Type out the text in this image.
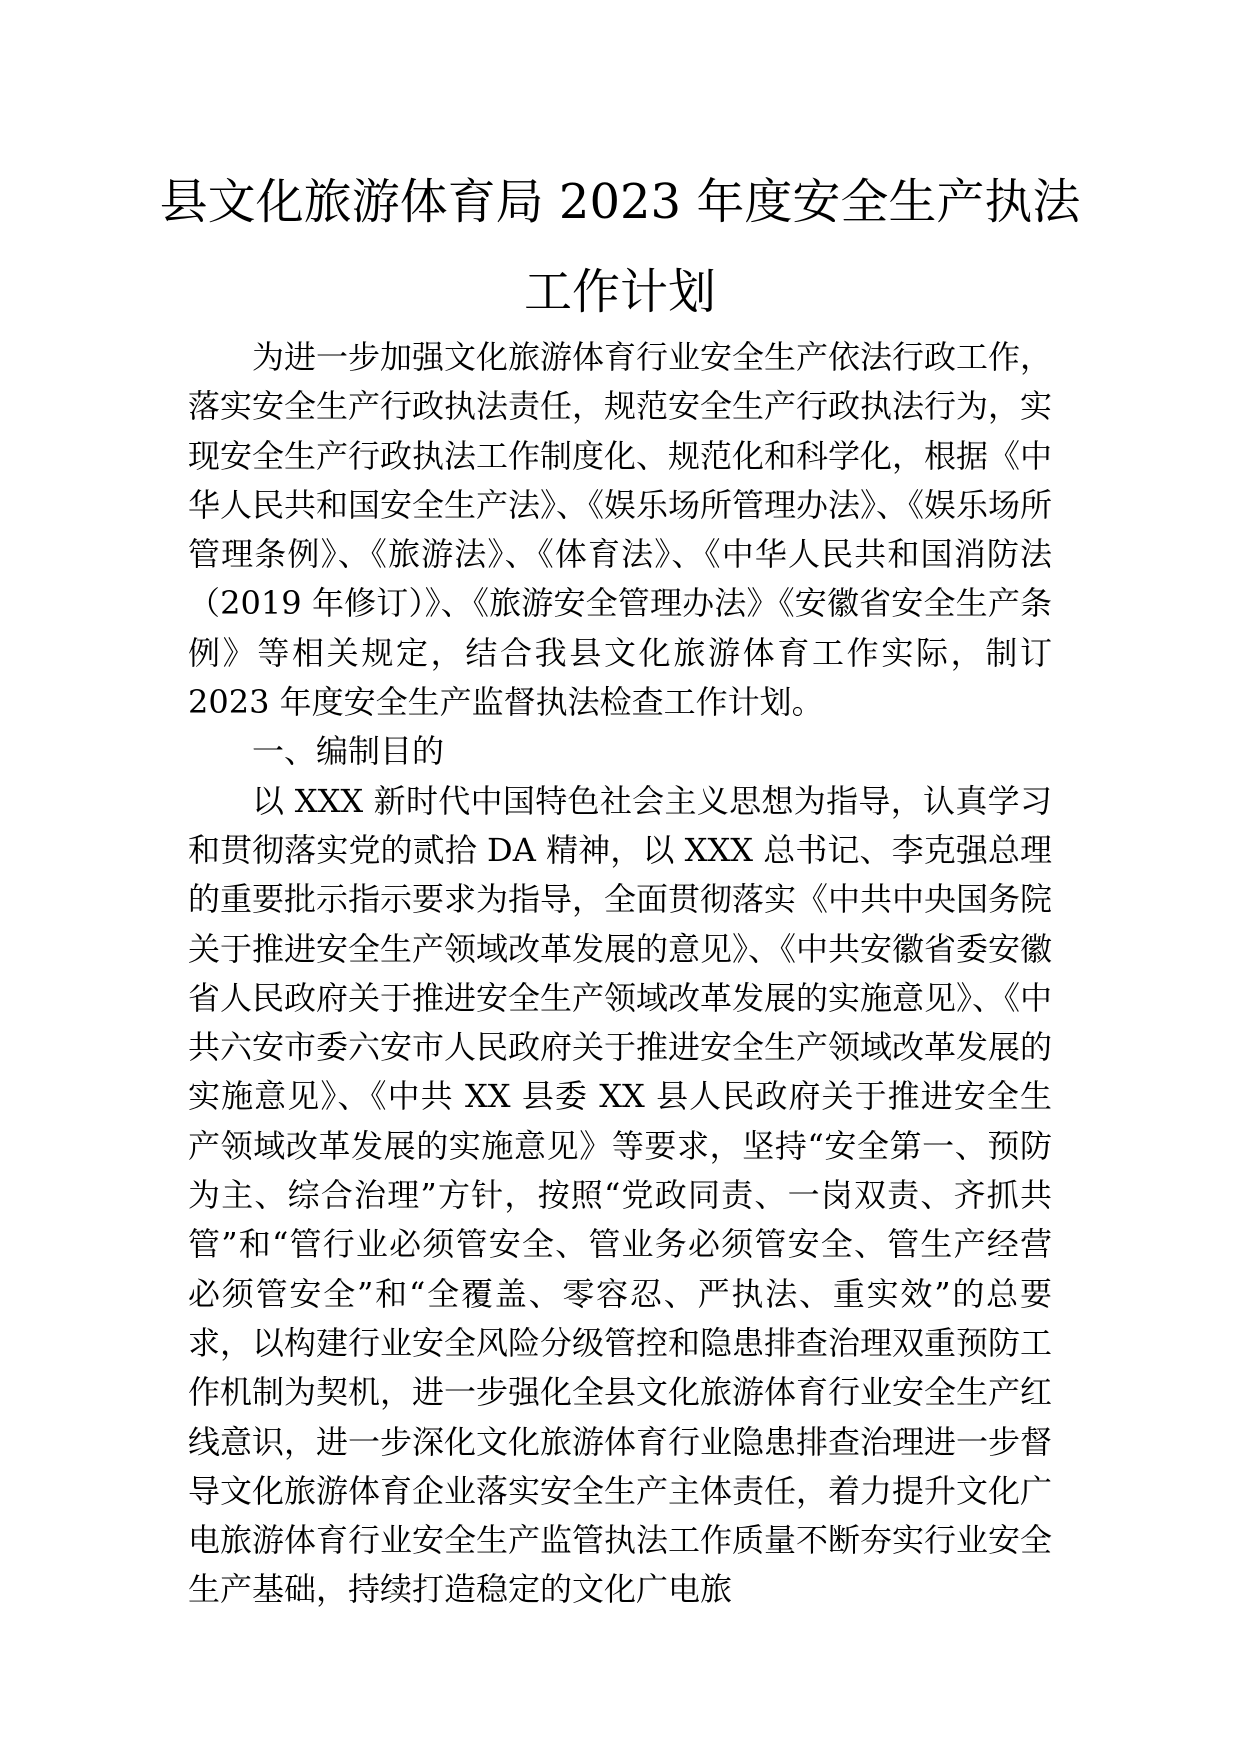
县文化旅游体育局 2023 年度安全生产执法
工作计划

为进一步加强文化旅游体育行业安全生产依法行政工作，落实安全生产行政执法责任，规范安全生产行政执法行为，实现安全生产行政执法工作制度化、规范化和科学化，根据《中华人民共和国安全生产法》、《娱乐场所管理办法》、《娱乐场所管理条例》、《旅游法》、《体育法》、《中华人民共和国消防法（2019 年修订）》、《旅游安全管理办法》《安徽省安全生产条例》等相关规定，结合我县文化旅游体育工作实际，制订 2023 年度安全生产监督执法检查工作计划。

一、编制目的

以 XXX 新时代中国特色社会主义思想为指导，认真学习和贯彻落实党的贰拾 DA 精神，以 XXX 总书记、李克强总理的重要批示指示要求为指导，全面贯彻落实《中共中央国务院关于推进安全生产领域改革发展的意见》、《中共安徽省委安徽省人民政府关于推进安全生产领域改革发展的实施意见》、《中共六安市委六安市人民政府关于推进安全生产领域改革发展的实施意见》、《中共 XX 县委 XX 县人民政府关于推进安全生产领域改革发展的实施意见》等要求，坚持“安全第一、预防为主、综合治理”方针，按照“党政同责、一岗双责、齐抓共管”和“管行业必须管安全、管业务必须管安全、管生产经营必须管安全”和“全覆盖、零容忍、严执法、重实效”的总要求，以构建行业安全风险分级管控和隐患排查治理双重预防工作机制为契机，进一步强化全县文化旅游体育行业安全生产红线意识，进一步深化文化旅游体育行业隐患排查治理进一步督导文化旅游体育企业落实安全生产主体责任，着力提升文化广电旅游体育行业安全生产监管执法工作质量不断夯实行业安全生产基础，持续打造稳定的文化广电旅
